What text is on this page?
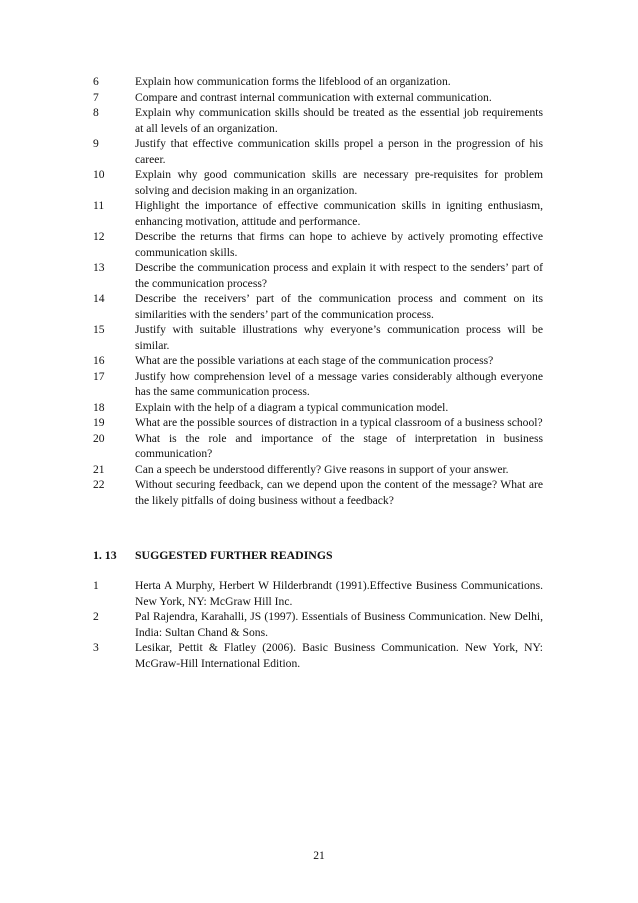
6	Explain how communication forms the lifeblood of an organization.
7	Compare and contrast internal communication with external communication.
8	Explain why communication skills should be treated as the essential job requirements at all levels of an organization.
9	Justify that effective communication skills propel a person in the progression of his career.
10	Explain why good communication skills are necessary pre-requisites for problem solving and decision making in an organization.
11	Highlight the importance of effective communication skills in igniting enthusiasm, enhancing motivation, attitude and performance.
12	Describe the returns that firms can hope to achieve by actively promoting effective communication skills.
13	Describe the communication process and explain it with respect to the senders’ part of the communication process?
14	Describe the receivers’ part of the communication process and comment on its similarities with the senders’ part of the communication process.
15	Justify with suitable illustrations why everyone’s communication process will be similar.
16	What are the possible variations at each stage of the communication process?
17	Justify how comprehension level of a message varies considerably although everyone has the same communication process.
18	Explain with the help of a diagram a typical communication model.
19	What are the possible sources of distraction in a typical classroom of a business school?
20	What is the role and importance of the stage of interpretation in business communication?
21	Can a speech be understood differently? Give reasons in support of your answer.
22	Without securing feedback, can we depend upon the content of the message? What are the likely pitfalls of doing business without a feedback?
1. 13 SUGGESTED FURTHER READINGS
1	Herta A Murphy, Herbert W Hilderbrandt (1991).Effective Business Communications. New York, NY: McGraw Hill Inc.
2	Pal Rajendra, Karahalli, JS (1997). Essentials of Business Communication. New Delhi, India: Sultan Chand & Sons.
3	Lesikar, Pettit & Flatley (2006). Basic Business Communication. New York, NY: McGraw-Hill International Edition.
21
